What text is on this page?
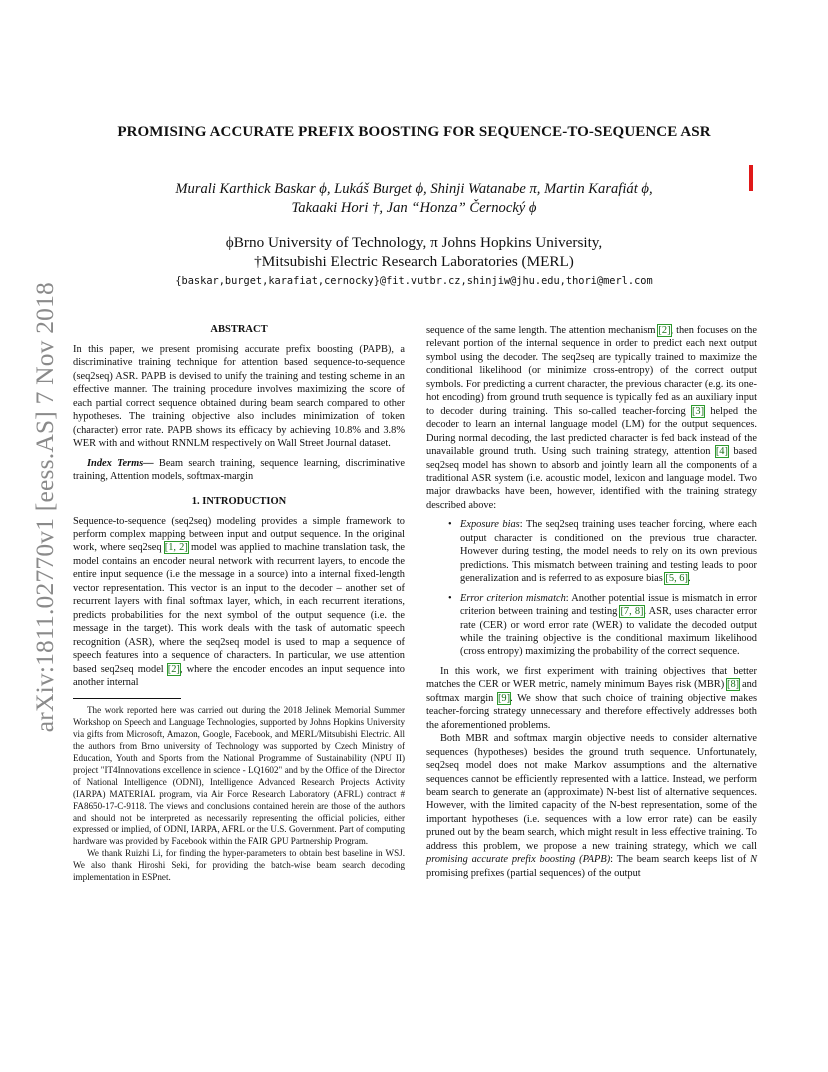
arXiv:1811.02770v1 [eess.AS] 7 Nov 2018
PROMISING ACCURATE PREFIX BOOSTING FOR SEQUENCE-TO-SEQUENCE ASR
Murali Karthick Baskar ϕ, Lukáš Burget ϕ, Shinji Watanabe π, Martin Karafiát ϕ,
Takaaki Hori †, Jan “Honza” Černocký ϕ
ϕBrno University of Technology, π Johns Hopkins University,
†Mitsubishi Electric Research Laboratories (MERL)
{baskar,burget,karafiat,cernocky}@fit.vutbr.cz,shinjiw@jhu.edu,thori@merl.com
ABSTRACT

In this paper, we present promising accurate prefix boosting (PAPB), a discriminative training technique for attention based sequence-to-sequence (seq2seq) ASR. PAPB is devised to unify the training and testing scheme in an effective manner. The training procedure involves maximizing the score of each partial correct sequence obtained during beam search compared to other hypotheses. The training objective also includes minimization of token (character) error rate. PAPB shows its efficacy by achieving 10.8% and 3.8% WER with and without RNNLM respectively on Wall Street Journal dataset.

Index Terms— Beam search training, sequence learning, discriminative training, Attention models, softmax-margin

1. INTRODUCTION

Sequence-to-sequence (seq2seq) modeling provides a simple framework to perform complex mapping between input and output sequence. In the original work, where seq2seq [1, 2] model was applied to machine translation task, the model contains an encoder neural network with recurrent layers, to encode the entire input sequence (i.e the message in a source) into a internal fixed-length vector representation. This vector is an input to the decoder – another set of recurrent layers with final softmax layer, which, in each recurrent iterations, predicts probabilities for the next symbol of the output sequence (i.e. the message in the target). This work deals with the task of automatic speech recognition (ASR), where the seq2seq model is used to map a sequence of speech features into a sequence of characters. In particular, we use attention based seq2seq model [2], where the encoder encodes an input sequence into another internal

The work reported here was carried out during the 2018 Jelinek Memorial Summer Workshop on Speech and Language Technologies, supported by Johns Hopkins University via gifts from Microsoft, Amazon, Google, Facebook, and MERL/Mitsubishi Electric. All the authors from Brno university of Technology was supported by Czech Ministry of Education, Youth and Sports from the National Programme of Sustainability (NPU II) project "IT4Innovations excellence in science - LQ1602" and by the Office of the Director of National Intelligence (ODNI), Intelligence Advanced Research Projects Activity (IARPA) MATERIAL program, via Air Force Research Laboratory (AFRL) contract # FA8650-17-C-9118. The views and conclusions contained herein are those of the authors and should not be interpreted as necessarily representing the official policies, either expressed or implied, of ODNI, IARPA, AFRL or the U.S. Government. Part of computing hardware was provided by Facebook within the FAIR GPU Partnership Program.

We thank Ruizhi Li, for finding the hyper-parameters to obtain best baseline in WSJ. We also thank Hiroshi Seki, for providing the batch-wise beam search decoding implementation in ESPnet.

sequence of the same length. The attention mechanism [2], then focuses on the relevant portion of the internal sequence in order to predict each next output symbol using the decoder. The seq2seq are typically trained to maximize the conditional likelihood (or minimize cross-entropy) of the correct output symbols. For predicting a current character, the previous character (e.g. its one-hot encoding) from ground truth sequence is typically fed as an auxiliary input to decoder during training. This so-called teacher-forcing [3] helped the decoder to learn an internal language model (LM) for the output sequences. During normal decoding, the last predicted character is fed back instead of the unavailable ground truth. Using such training strategy, attention [4] based seq2seq model has shown to absorb and jointly learn all the components of a traditional ASR system (i.e. acoustic model, lexicon and language model. Two major drawbacks have been, however, identified with the training strategy described above:

• Exposure bias: The seq2seq training uses teacher forcing, where each output character is conditioned on the previous true character. However during testing, the model needs to rely on its own previous predictions. This mismatch between training and testing leads to poor generalization and is referred to as exposure bias [5, 6].
• Error criterion mismatch: Another potential issue is mismatch in error criterion between training and testing [7, 8]. ASR, uses character error rate (CER) or word error rate (WER) to validate the decoded output while the training objective is the conditional maximum likelihood (cross entropy) maximizing the probability of the correct sequence.

In this work, we first experiment with training objectives that better matches the CER or WER metric, namely minimum Bayes risk (MBR) [8] and softmax margin [9]. We show that such choice of training objective makes teacher-forcing strategy unnecessary and therefore effectively addresses both the aforementioned problems.

Both MBR and softmax margin objective needs to consider alternative sequences (hypotheses) besides the ground truth sequence. Unfortunately, seq2seq model does not make Markov assumptions and the alternative sequences cannot be efficiently represented with a lattice. Instead, we perform beam search to generate an (approximate) N-best list of alternative sequences. However, with the limited capacity of the N-best representation, some of the important hypotheses (i.e. sequences with a low error rate) can be easily pruned out by the beam search, which might result in less effective training. To address this problem, we propose a new training strategy, which we call promising accurate prefix boosting (PAPB): The beam search keeps list of N promising prefixes (partial sequences) of the output
